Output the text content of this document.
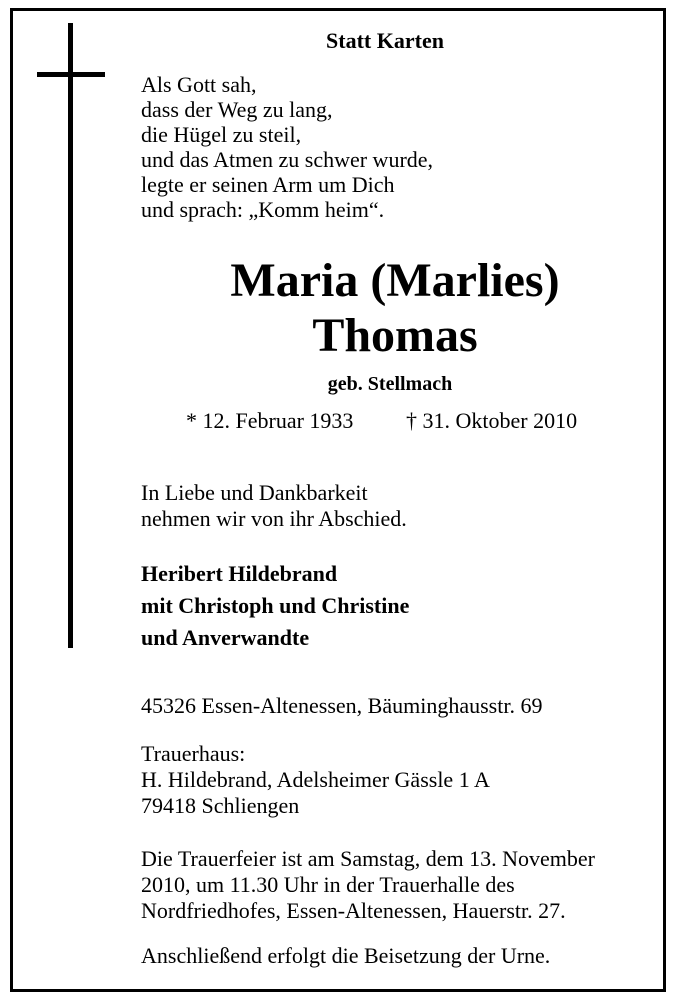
Statt Karten

Als Gott sah,
dass der Weg zu lang,
die Hügel zu steil,
und das Atmen zu schwer wurde,
legte er seinen Arm um Dich
und sprach: „Komm heim“.

Maria (Marlies)

Thomas

geb. Stellmach

* 12. Februar 1933 † 31. Oktober 2010

In Liebe und Dankbarkeit
nehmen wir von ihr Abschied.
Heribert Hildebrand
mit Christoph und Christine
und Anverwandte

45326 Essen-Altenessen, Bäuminghausstr. 69

Trauerhaus:
H. Hildebrand, Adelsheimer Gässle 1 A
79418 Schliengen
Die Trauerfeier ist am Samstag, dem 13. November
2010, um 11.30 Uhr in der Trauerhalle des
Nordfriedhofes, Essen-Altenessen, Hauerstr. 27.

Anschließend erfolgt die Beisetzung der Urne.
